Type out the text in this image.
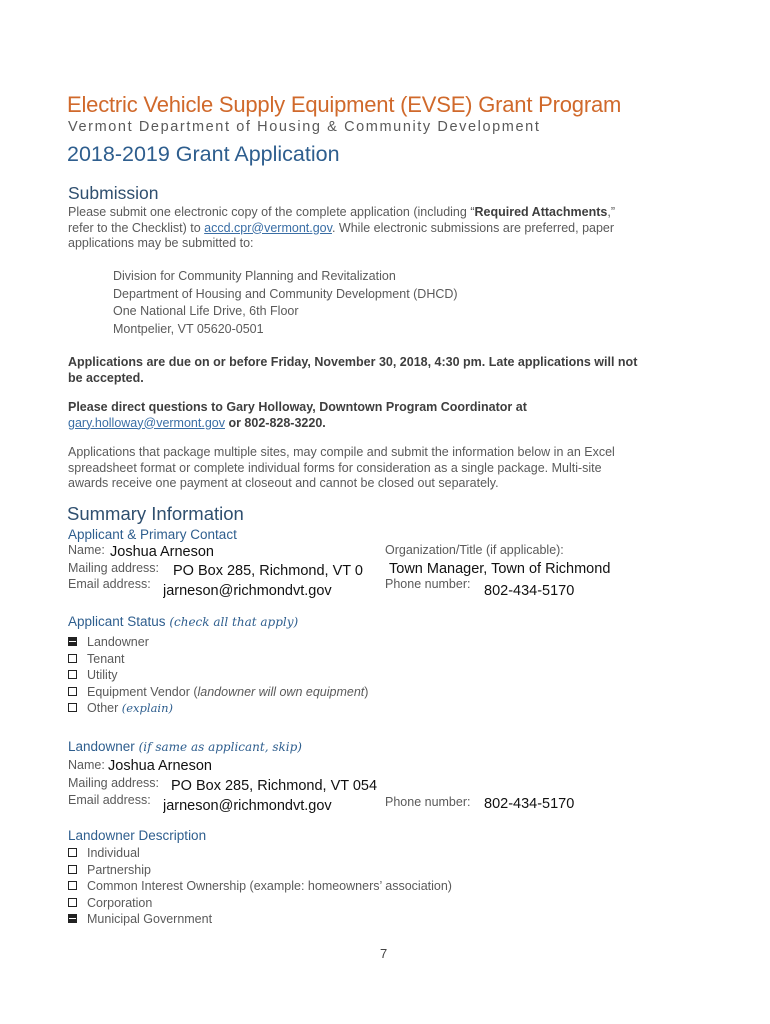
Electric Vehicle Supply Equipment (EVSE) Grant Program
Vermont Department of Housing & Community Development
2018-2019 Grant Application
Submission
Please submit one electronic copy of the complete application (including “Required Attachments,”
refer to the Checklist) to accd.cpr@vermont.gov. While electronic submissions are preferred, paper
applications may be submitted to:
Division for Community Planning and Revitalization
Department of Housing and Community Development (DHCD)
One National Life Drive, 6th Floor
Montpelier, VT 05620-0501
Applications are due on or before Friday, November 30, 2018, 4:30 pm. Late applications will not
be accepted.
Please direct questions to Gary Holloway, Downtown Program Coordinator at
gary.holloway@vermont.gov or 802-828-3220.
Applications that package multiple sites, may compile and submit the information below in an Excel
spreadsheet format or complete individual forms for consideration as a single package. Multi-site
awards receive one payment at closeout and cannot be closed out separately.
Summary Information
Applicant & Primary Contact
Name: Joshua Arneson	Organization/Title (if applicable):
Mailing address: PO Box 285, Richmond, VT 0	Town Manager, Town of Richmond
Email address: jarneson@richmondvt.gov	Phone number: 802-434-5170
Applicant Status (check all that apply)
Landowner
Tenant
Utility
Equipment Vendor (landowner will own equipment)
Other (explain)
Landowner (if same as applicant, skip)
Name: Joshua Arneson
Mailing address: PO Box 285, Richmond, VT 054
Email address: jarneson@richmondvt.gov	Phone number: 802-434-5170
Landowner Description
Individual
Partnership
Common Interest Ownership (example: homeowners’ association)
Corporation
Municipal Government
7
